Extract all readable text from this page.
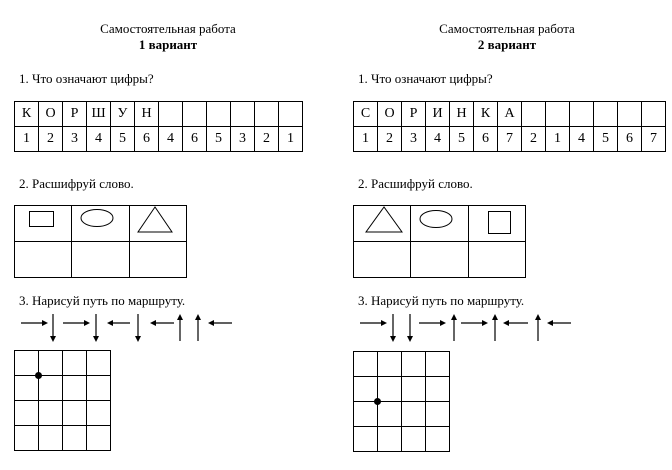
Самостоятельная работа
1 вариант
1. Что означают цифры?
К	О	Р	Ш	У	Н						
1	2	3	4	5	6	4	6	5	3	2	1
2. Расшифруй слово.
3. Нарисуй путь по маршруту.
Самостоятельная работа
2 вариант
1. Что означают цифры?
С	О	Р	И	Н	К	А						
1	2	3	4	5	6	7	2	1	4	5	6	7
2. Расшифруй слово.
3. Нарисуй путь по маршруту.
